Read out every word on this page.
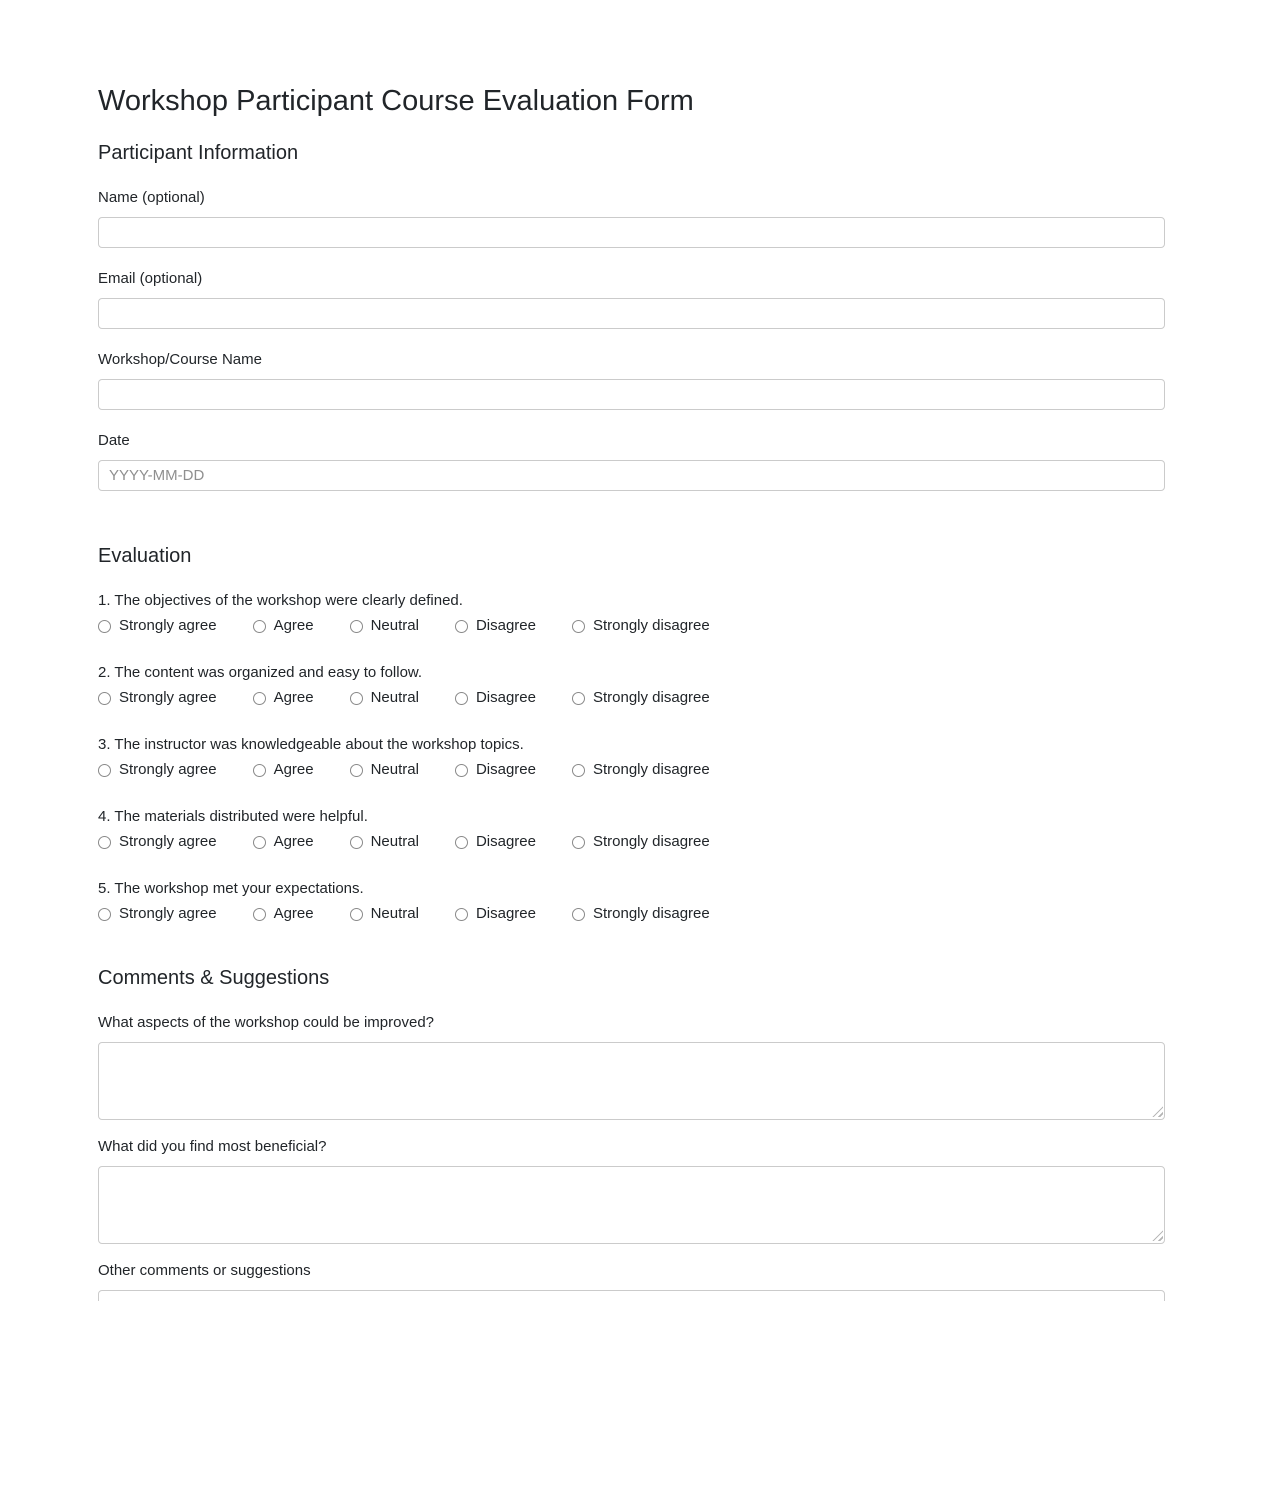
Workshop Participant Course Evaluation Form
Participant Information
Name (optional)
Email (optional)
Workshop/Course Name
Date
YYYY-MM-DD
Evaluation

1. The objectives of the workshop were clearly defined.

Strongly agree	Agree	Neutral	Disagree	Strongly disagree

2. The content was organized and easy to follow.

Strongly agree	Agree	Neutral	Disagree	Strongly disagree

3. The instructor was knowledgeable about the workshop topics.

Strongly agree	Agree	Neutral	Disagree	Strongly disagree

4. The materials distributed were helpful.

Strongly agree	Agree	Neutral	Disagree	Strongly disagree

5. The workshop met your expectations.

Strongly agree	Agree	Neutral	Disagree	Strongly disagree
Comments & Suggestions
What aspects of the workshop could be improved?
What did you find most beneficial?
Other comments or suggestions
